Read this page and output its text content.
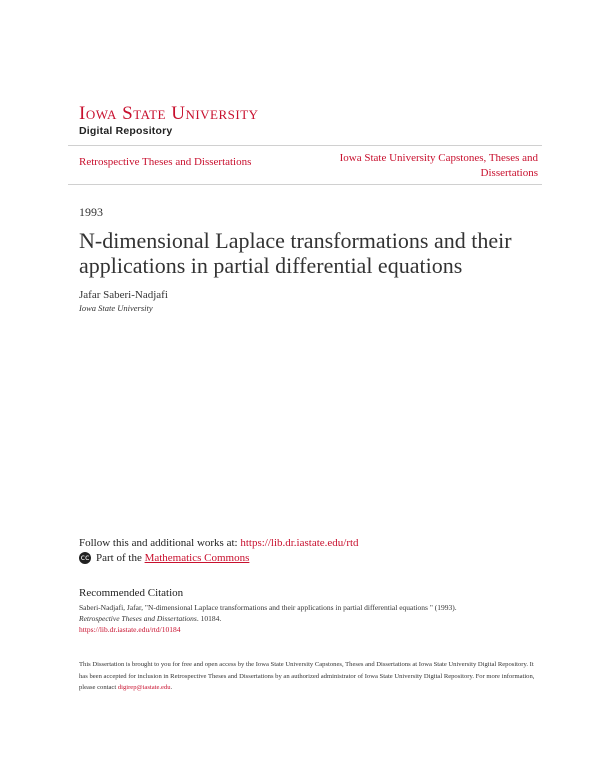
Iowa State University
Digital Repository
Retrospective Theses and Dissertations	Iowa State University Capstones, Theses and Dissertations
1993
N-dimensional Laplace transformations and their applications in partial differential equations
Jafar Saberi-Nadjafi
Iowa State University
Follow this and additional works at: https://lib.dr.iastate.edu/rtd
cc Part of the
Mathematics Commons
Recommended Citation
Saberi-Nadjafi, Jafar, "N-dimensional Laplace transformations and their applications in partial differential equations " (1993).
Retrospective Theses and Dissertations. 10184.
https://lib.dr.iastate.edu/rtd/10184
This Dissertation is brought to you for free and open access by the Iowa State University Capstones, Theses and Dissertations at Iowa State University Digital Repository. It has been accepted for inclusion in Retrospective Theses and Dissertations by an authorized administrator of Iowa State University Digital Repository. For more information, please contact digirep@iastate.edu.
